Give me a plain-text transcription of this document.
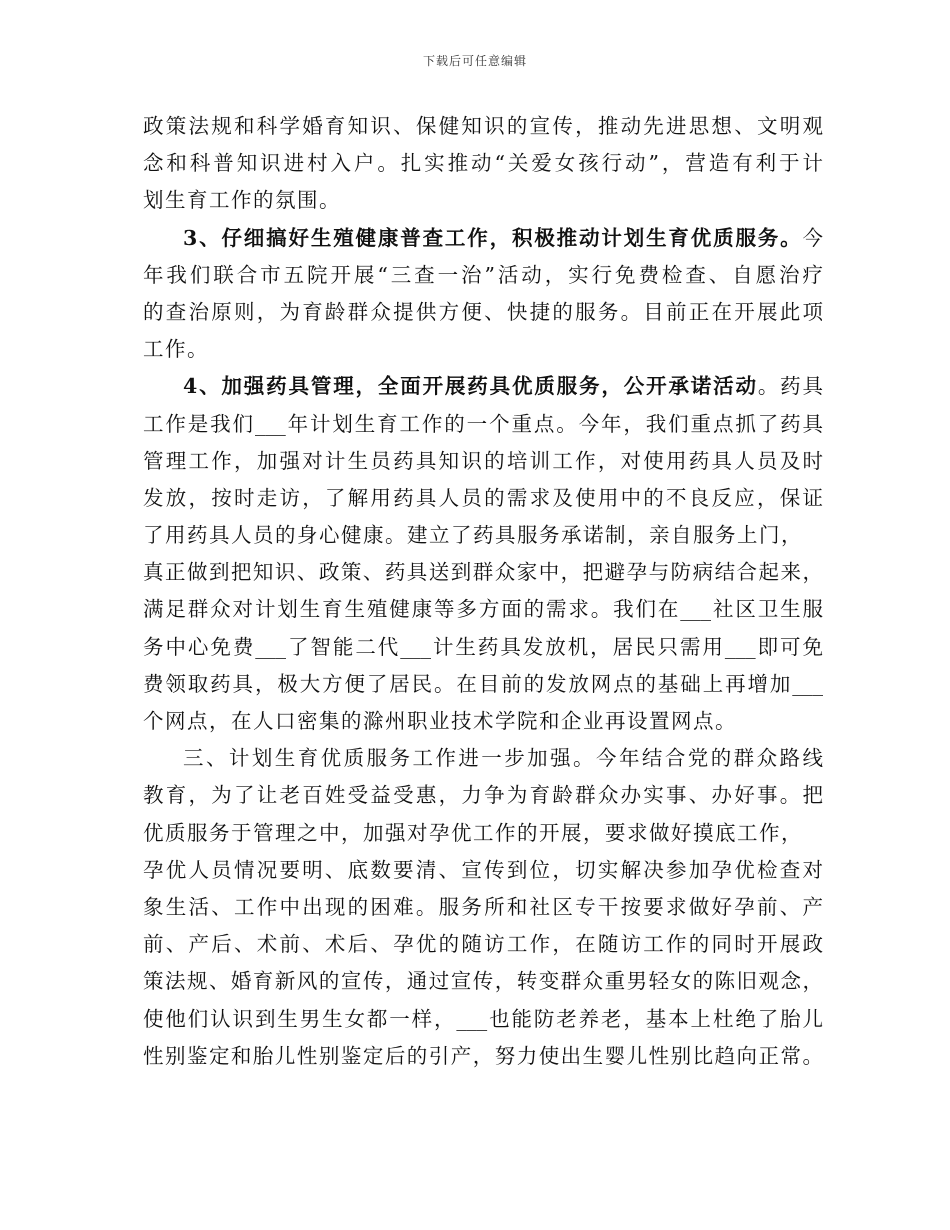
下载后可任意编辑
政策法规和科学婚育知识、保健知识的宣传，推动先进思想、文明观
念和科普知识进村入户。扎实推动“关爱女孩行动”，营造有利于计
划生育工作的氛围。
3、仔细搞好生殖健康普查工作，积极推动计划生育优质服务。今
年我们联合市五院开展“三查一治”活动，实行免费检查、自愿治疗
的查治原则，为育龄群众提供方便、快捷的服务。目前正在开展此项
工作。
4、加强药具管理，全面开展药具优质服务，公开承诺活动。药具
工作是我们___年计划生育工作的一个重点。今年，我们重点抓了药具
管理工作，加强对计生员药具知识的培训工作，对使用药具人员及时
发放，按时走访，了解用药具人员的需求及使用中的不良反应，保证
了用药具人员的身心健康。建立了药具服务承诺制，亲自服务上门，
真正做到把知识、政策、药具送到群众家中，把避孕与防病结合起来，
满足群众对计划生育生殖健康等多方面的需求。我们在___社区卫生服
务中心免费___了智能二代___计生药具发放机，居民只需用___即可免
费领取药具，极大方便了居民。在目前的发放网点的基础上再增加___
个网点，在人口密集的滁州职业技术学院和企业再设置网点。
三、计划生育优质服务工作进一步加强。今年结合党的群众路线
教育，为了让老百姓受益受惠，力争为育龄群众办实事、办好事。把
优质服务于管理之中，加强对孕优工作的开展，要求做好摸底工作，
孕优人员情况要明、底数要清、宣传到位，切实解决参加孕优检查对
象生活、工作中出现的困难。服务所和社区专干按要求做好孕前、产
前、产后、术前、术后、孕优的随访工作，在随访工作的同时开展政
策法规、婚育新风的宣传，通过宣传，转变群众重男轻女的陈旧观念，
使他们认识到生男生女都一样，___也能防老养老，基本上杜绝了胎儿
性别鉴定和胎儿性别鉴定后的引产，努力使出生婴儿性别比趋向正常。
